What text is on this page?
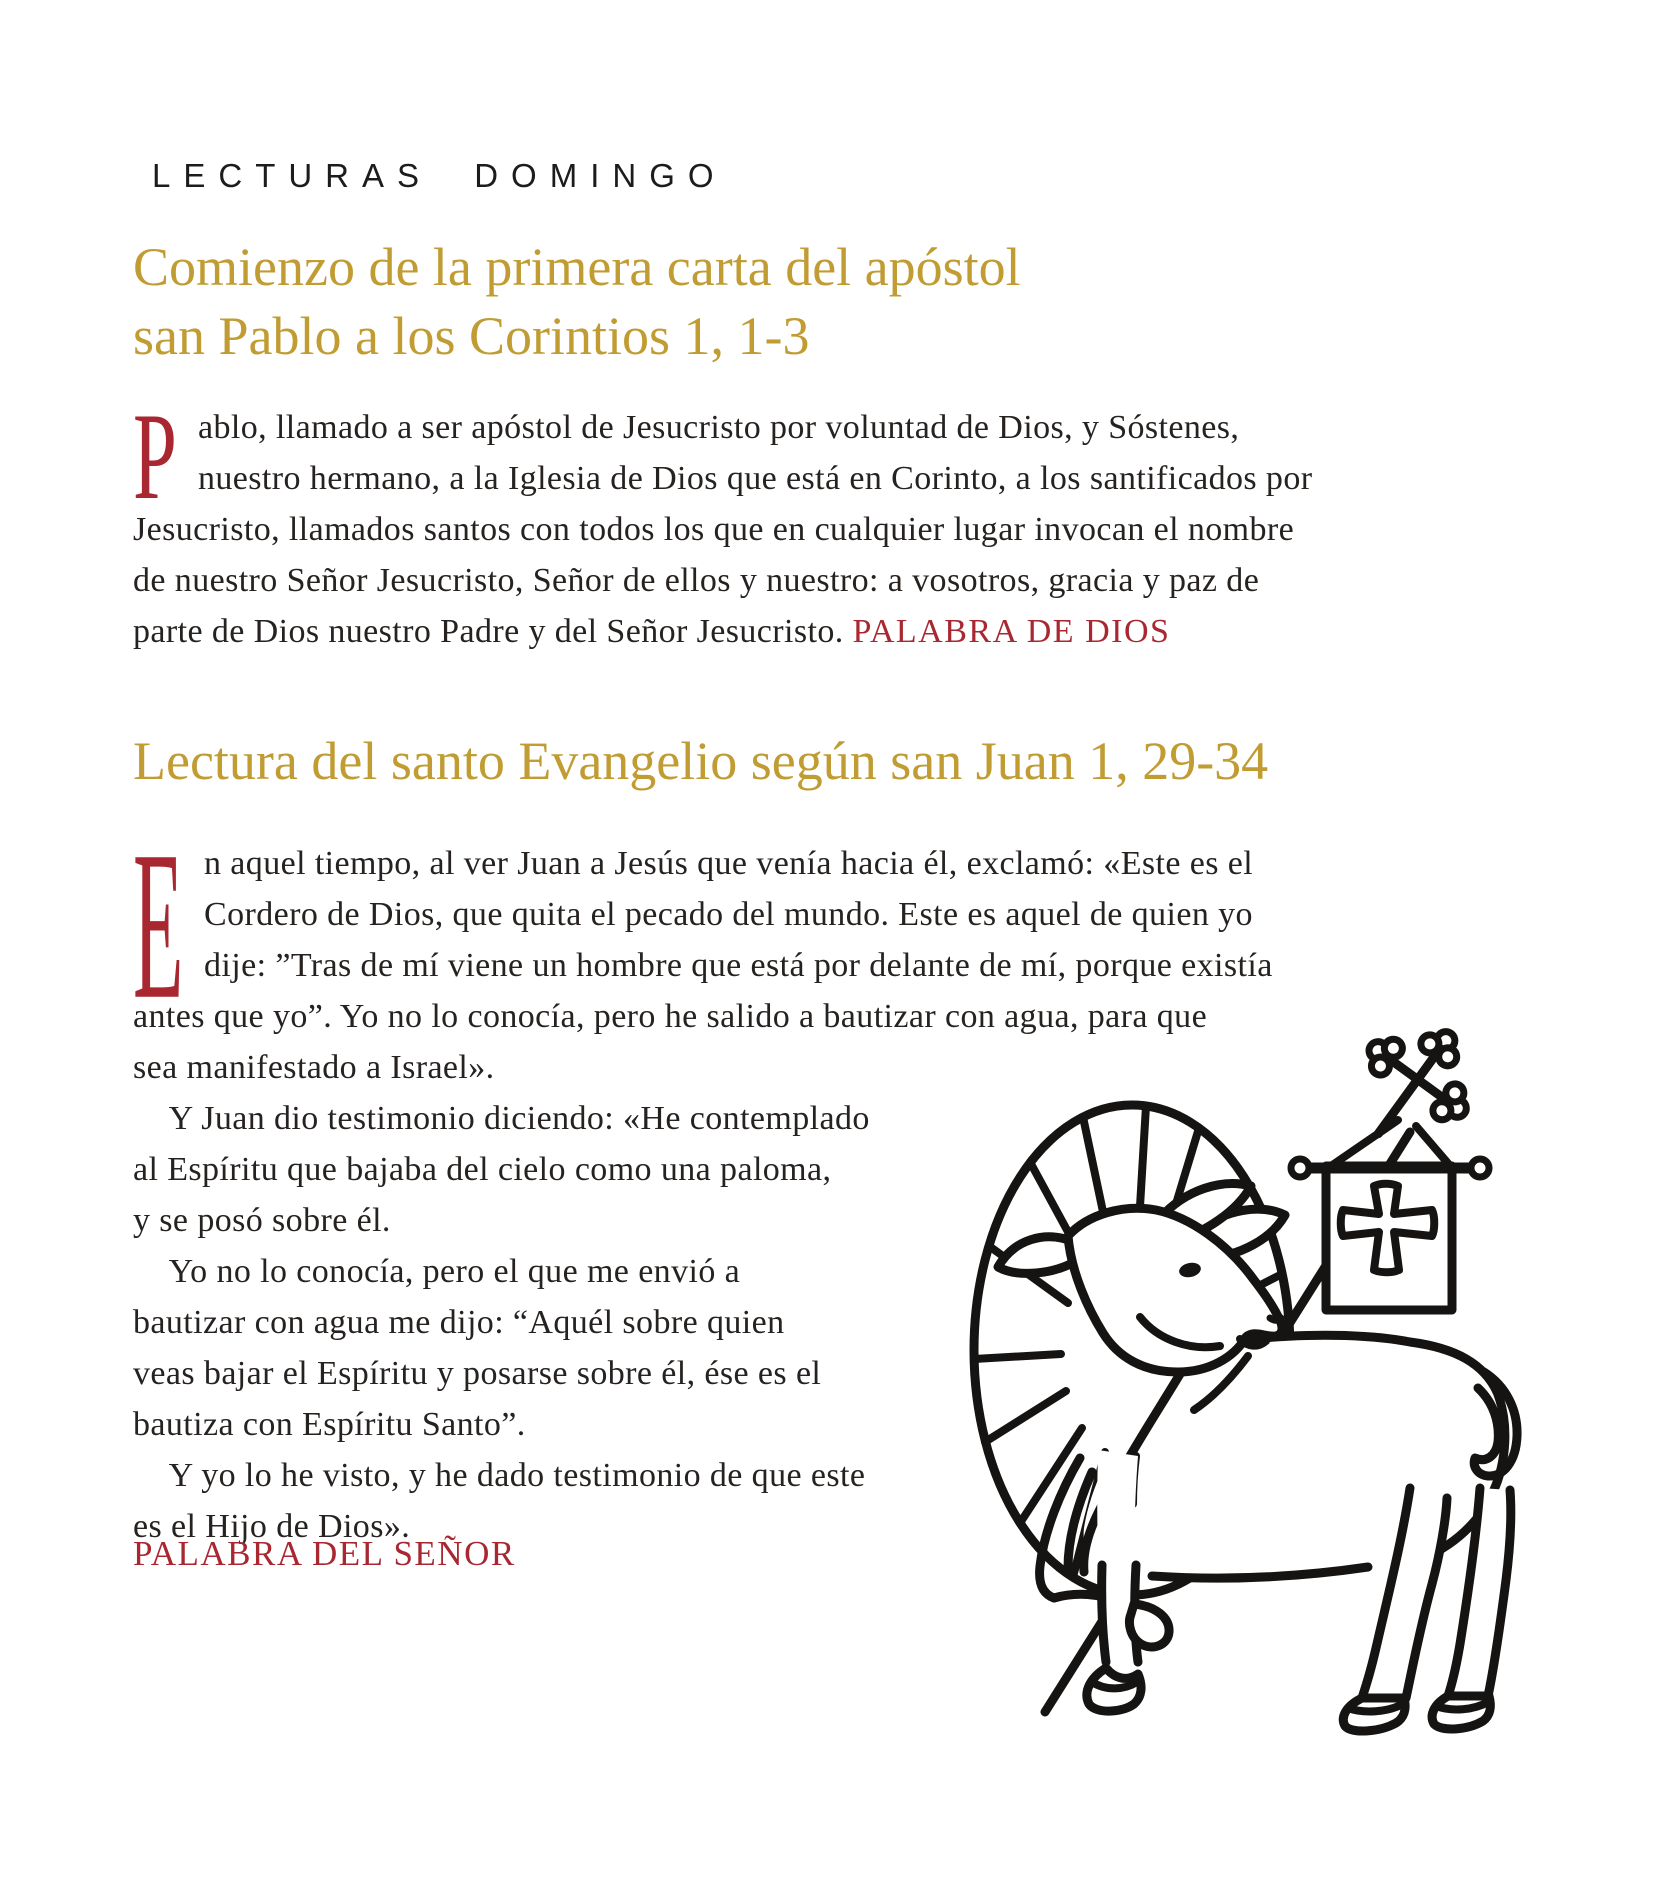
LECTURAS DOMINGO
Comienzo de la primera carta del apóstol
san Pablo a los Corintios 1, 1-3
P ablo, llamado a ser apóstol de Jesucristo por voluntad de Dios, y Sóstenes,
nuestro hermano, a la Iglesia de Dios que está en Corinto, a los santificados por
Jesucristo, llamados santos con todos los que en cualquier lugar invocan el nombre
de nuestro Señor Jesucristo, Señor de ellos y nuestro: a vosotros, gracia y paz de
parte de Dios nuestro Padre y del Señor Jesucristo. PALABRA DE DIOS
Lectura del santo Evangelio según san Juan 1, 29-34
E n aquel tiempo, al ver Juan a Jesús que venía hacia él, exclamó: «Este es el
Cordero de Dios, que quita el pecado del mundo. Este es aquel de quien yo
dije: ”Tras de mí viene un hombre que está por delante de mí, porque existía
antes que yo”. Yo no lo conocía, pero he salido a bautizar con agua, para que
sea manifestado a Israel».
Y Juan dio testimonio diciendo: «He contemplado
al Espíritu que bajaba del cielo como una paloma,
y se posó sobre él.
Yo no lo conocía, pero el que me envió a
bautizar con agua me dijo: “Aquél sobre quien
veas bajar el Espíritu y posarse sobre él, ése es el
bautiza con Espíritu Santo”.
Y yo lo he visto, y he dado testimonio de que este
es el Hijo de Dios».
PALABRA DEL SEÑOR
